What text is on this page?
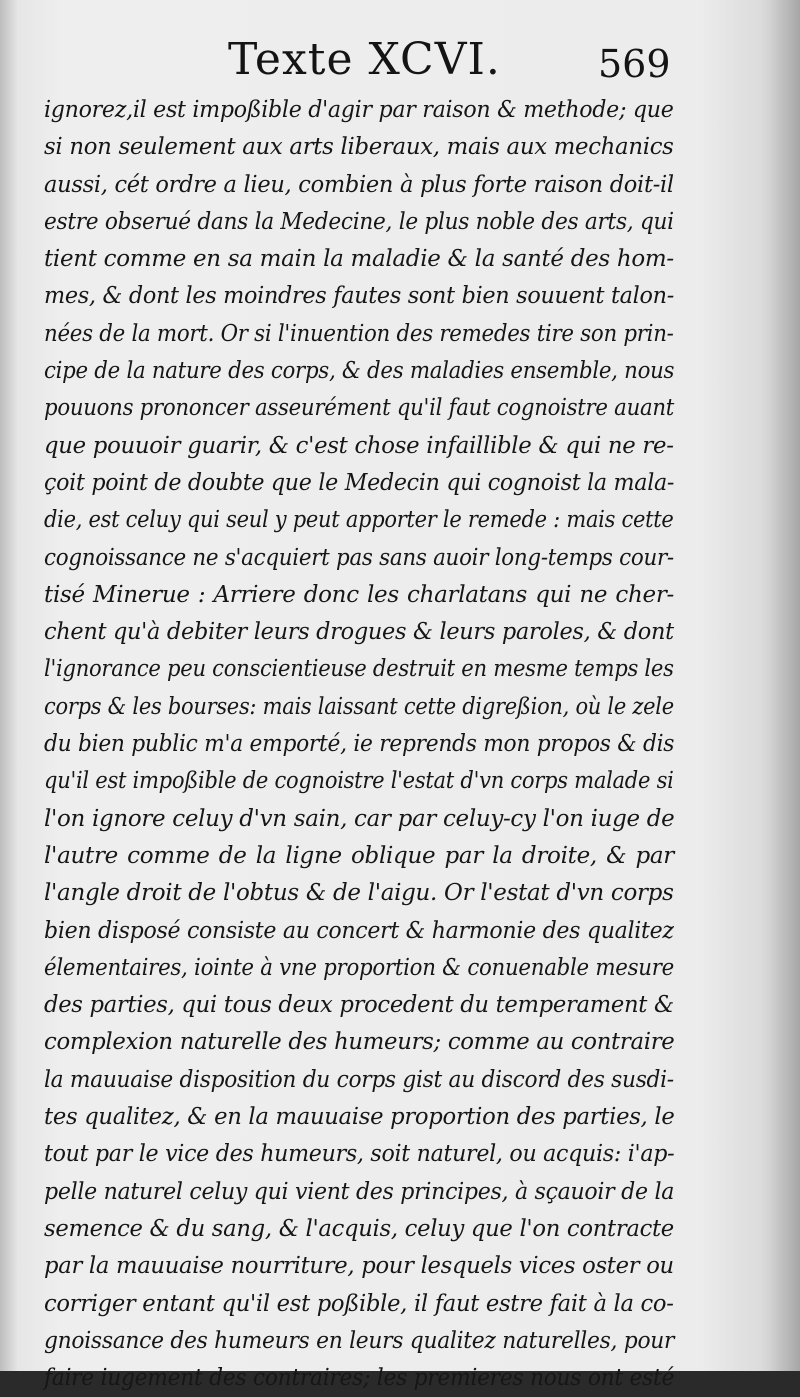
Texte XCVI.	569
ignorez,il est impoßible d'agir par raison & methode; que
si non seulement aux arts liberaux, mais aux mechanics
aussi, cét ordre a lieu, combien à plus forte raison doit-il
estre obserué dans la Medecine, le plus noble des arts, qui
tient comme en sa main la maladie & la santé des hom-
mes, & dont les moindres fautes sont bien souuent talon-
nées de la mort. Or si l'inuention des remedes tire son prin-
cipe de la nature des corps, & des maladies ensemble, nous
pouuons prononcer asseurément qu'il faut cognoistre auant
que pouuoir guarir, & c'est chose infaillible & qui ne re-
çoit point de doubte que le Medecin qui cognoist la mala-
die, est celuy qui seul y peut apporter le remede : mais cette
cognoissance ne s'acquiert pas sans auoir long-temps cour-
tisé Minerue : Arriere donc les charlatans qui ne cher-
chent qu'à debiter leurs drogues & leurs paroles, & dont
l'ignorance peu conscientieuse destruit en mesme temps les
corps & les bourses: mais laissant cette digreßion, où le zele
du bien public m'a emporté, ie reprends mon propos & dis
qu'il est impoßible de cognoistre l'estat d'vn corps malade si
l'on ignore celuy d'vn sain, car par celuy-cy l'on iuge de
l'autre comme de la ligne oblique par la droite, & par
l'angle droit de l'obtus & de l'aigu. Or l'estat d'vn corps
bien disposé consiste au concert & harmonie des qualitez
élementaires, iointe à vne proportion & conuenable mesure
des parties, qui tous deux procedent du temperament &
complexion naturelle des humeurs; comme au contraire
la mauuaise disposition du corps gist au discord des susdi-
tes qualitez, & en la mauuaise proportion des parties, le
tout par le vice des humeurs, soit naturel, ou acquis: i'ap-
pelle naturel celuy qui vient des principes, à sçauoir de la
semence & du sang, & l'acquis, celuy que l'on contracte
par la mauuaise nourriture, pour lesquels vices oster ou
corriger entant qu'il est poßible, il faut estre fait à la co-
gnoissance des humeurs en leurs qualitez naturelles, pour
faire iugement des contraires; les premieres nous ont esté
